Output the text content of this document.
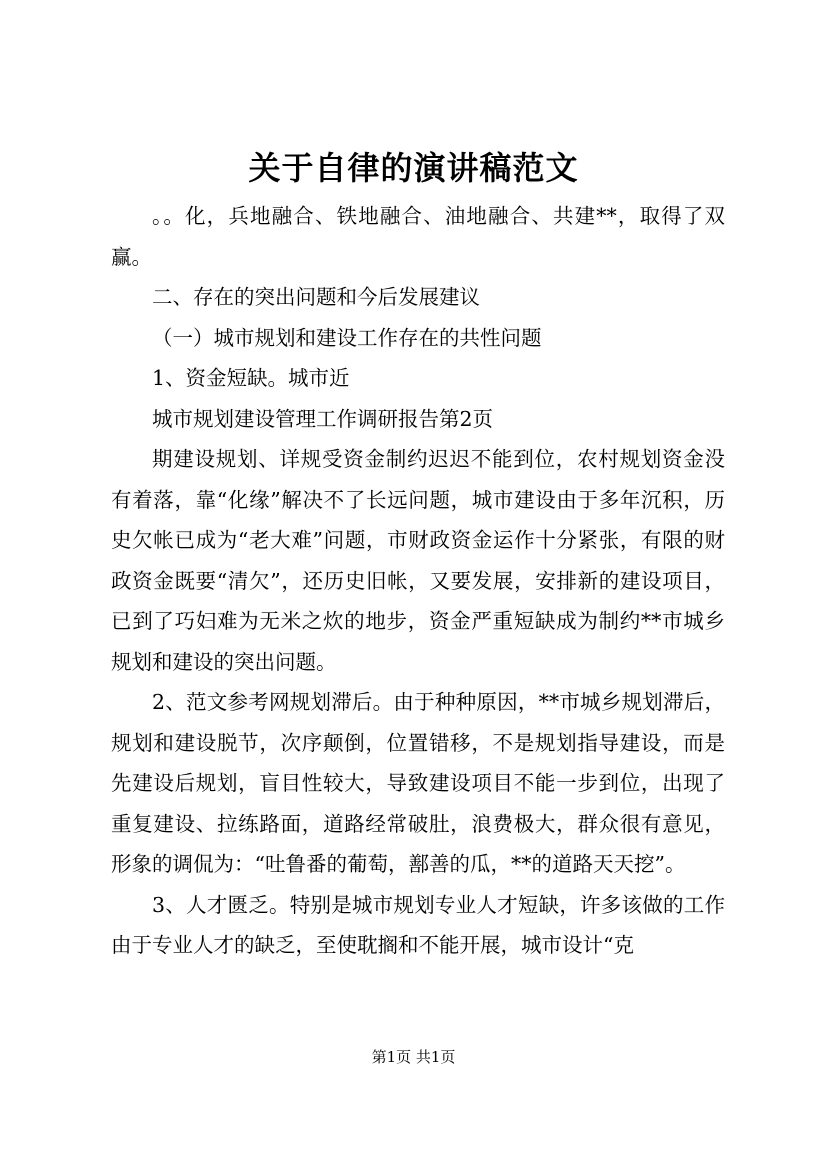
关于自律的演讲稿范文

。。化，兵地融合、铁地融合、油地融合、共建**，取得了双赢。

二、存在的突出问题和今后发展建议

（一）城市规划和建设工作存在的共性问题

1、资金短缺。城市近

城市规划建设管理工作调研报告第2页

期建设规划、详规受资金制约迟迟不能到位，农村规划资金没有着落，靠“化缘”解决不了长远问题，城市建设由于多年沉积，历史欠帐已成为“老大难”问题，市财政资金运作十分紧张，有限的财政资金既要“清欠”，还历史旧帐，又要发展，安排新的建设项目，已到了巧妇难为无米之炊的地步，资金严重短缺成为制约**市城乡规划和建设的突出问题。

2、范文参考网规划滞后。由于种种原因，**市城乡规划滞后，规划和建设脱节，次序颠倒，位置错移，不是规划指导建设，而是先建设后规划，盲目性较大，导致建设项目不能一步到位，出现了重复建设、拉练路面，道路经常破肚，浪费极大，群众很有意见，形象的调侃为：“吐鲁番的葡萄，鄯善的瓜，**的道路天天挖”。

3、人才匮乏。特别是城市规划专业人才短缺，许多该做的工作由于专业人才的缺乏，至使耽搁和不能开展，城市设计“克

第1页 共1页
